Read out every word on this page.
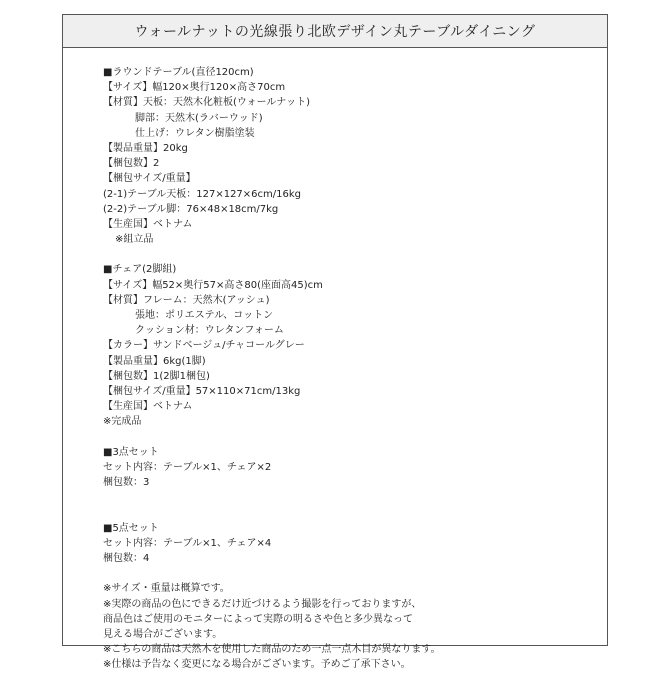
ウォールナットの光線張り北欧デザイン丸テーブルダイニング
■ラウンドテーブル(直径120cm)
【サイズ】幅120×奥行120×高さ70cm
【材質】天板：天然木化粧板(ウォールナット)
脚部：天然木(ラバーウッド)
仕上げ：ウレタン樹脂塗装
【製品重量】20kg
【梱包数】2
【梱包サイズ/重量】
(2-1)テーブル天板：127×127×6cm/16kg
(2-2)テーブル脚：76×48×18cm/7kg
【生産国】ベトナム
※組立品
■チェア(2脚組)
【サイズ】幅52×奥行57×高さ80(座面高45)cm
【材質】フレーム：天然木(アッシュ)
張地：ポリエステル、コットン
クッション材：ウレタンフォーム
【カラー】サンドベージュ/チャコールグレー
【製品重量】6kg(1脚)
【梱包数】1(2脚1梱包)
【梱包サイズ/重量】57×110×71cm/13kg
【生産国】ベトナム
※完成品
■3点セット
セット内容：テーブル×1、チェア×2
梱包数：3
■5点セット
セット内容：テーブル×1、チェア×4
梱包数：4
※サイズ・重量は概算です。
※実際の商品の色にできるだけ近づけるよう撮影を行っておりますが、
商品色はご使用のモニターによって実際の明るさや色と多少異なって
見える場合がございます。
※こちらの商品は天然木を使用した商品のため一点一点木目が異なります。
※仕様は予告なく変更になる場合がございます。予めご了承下さい。
